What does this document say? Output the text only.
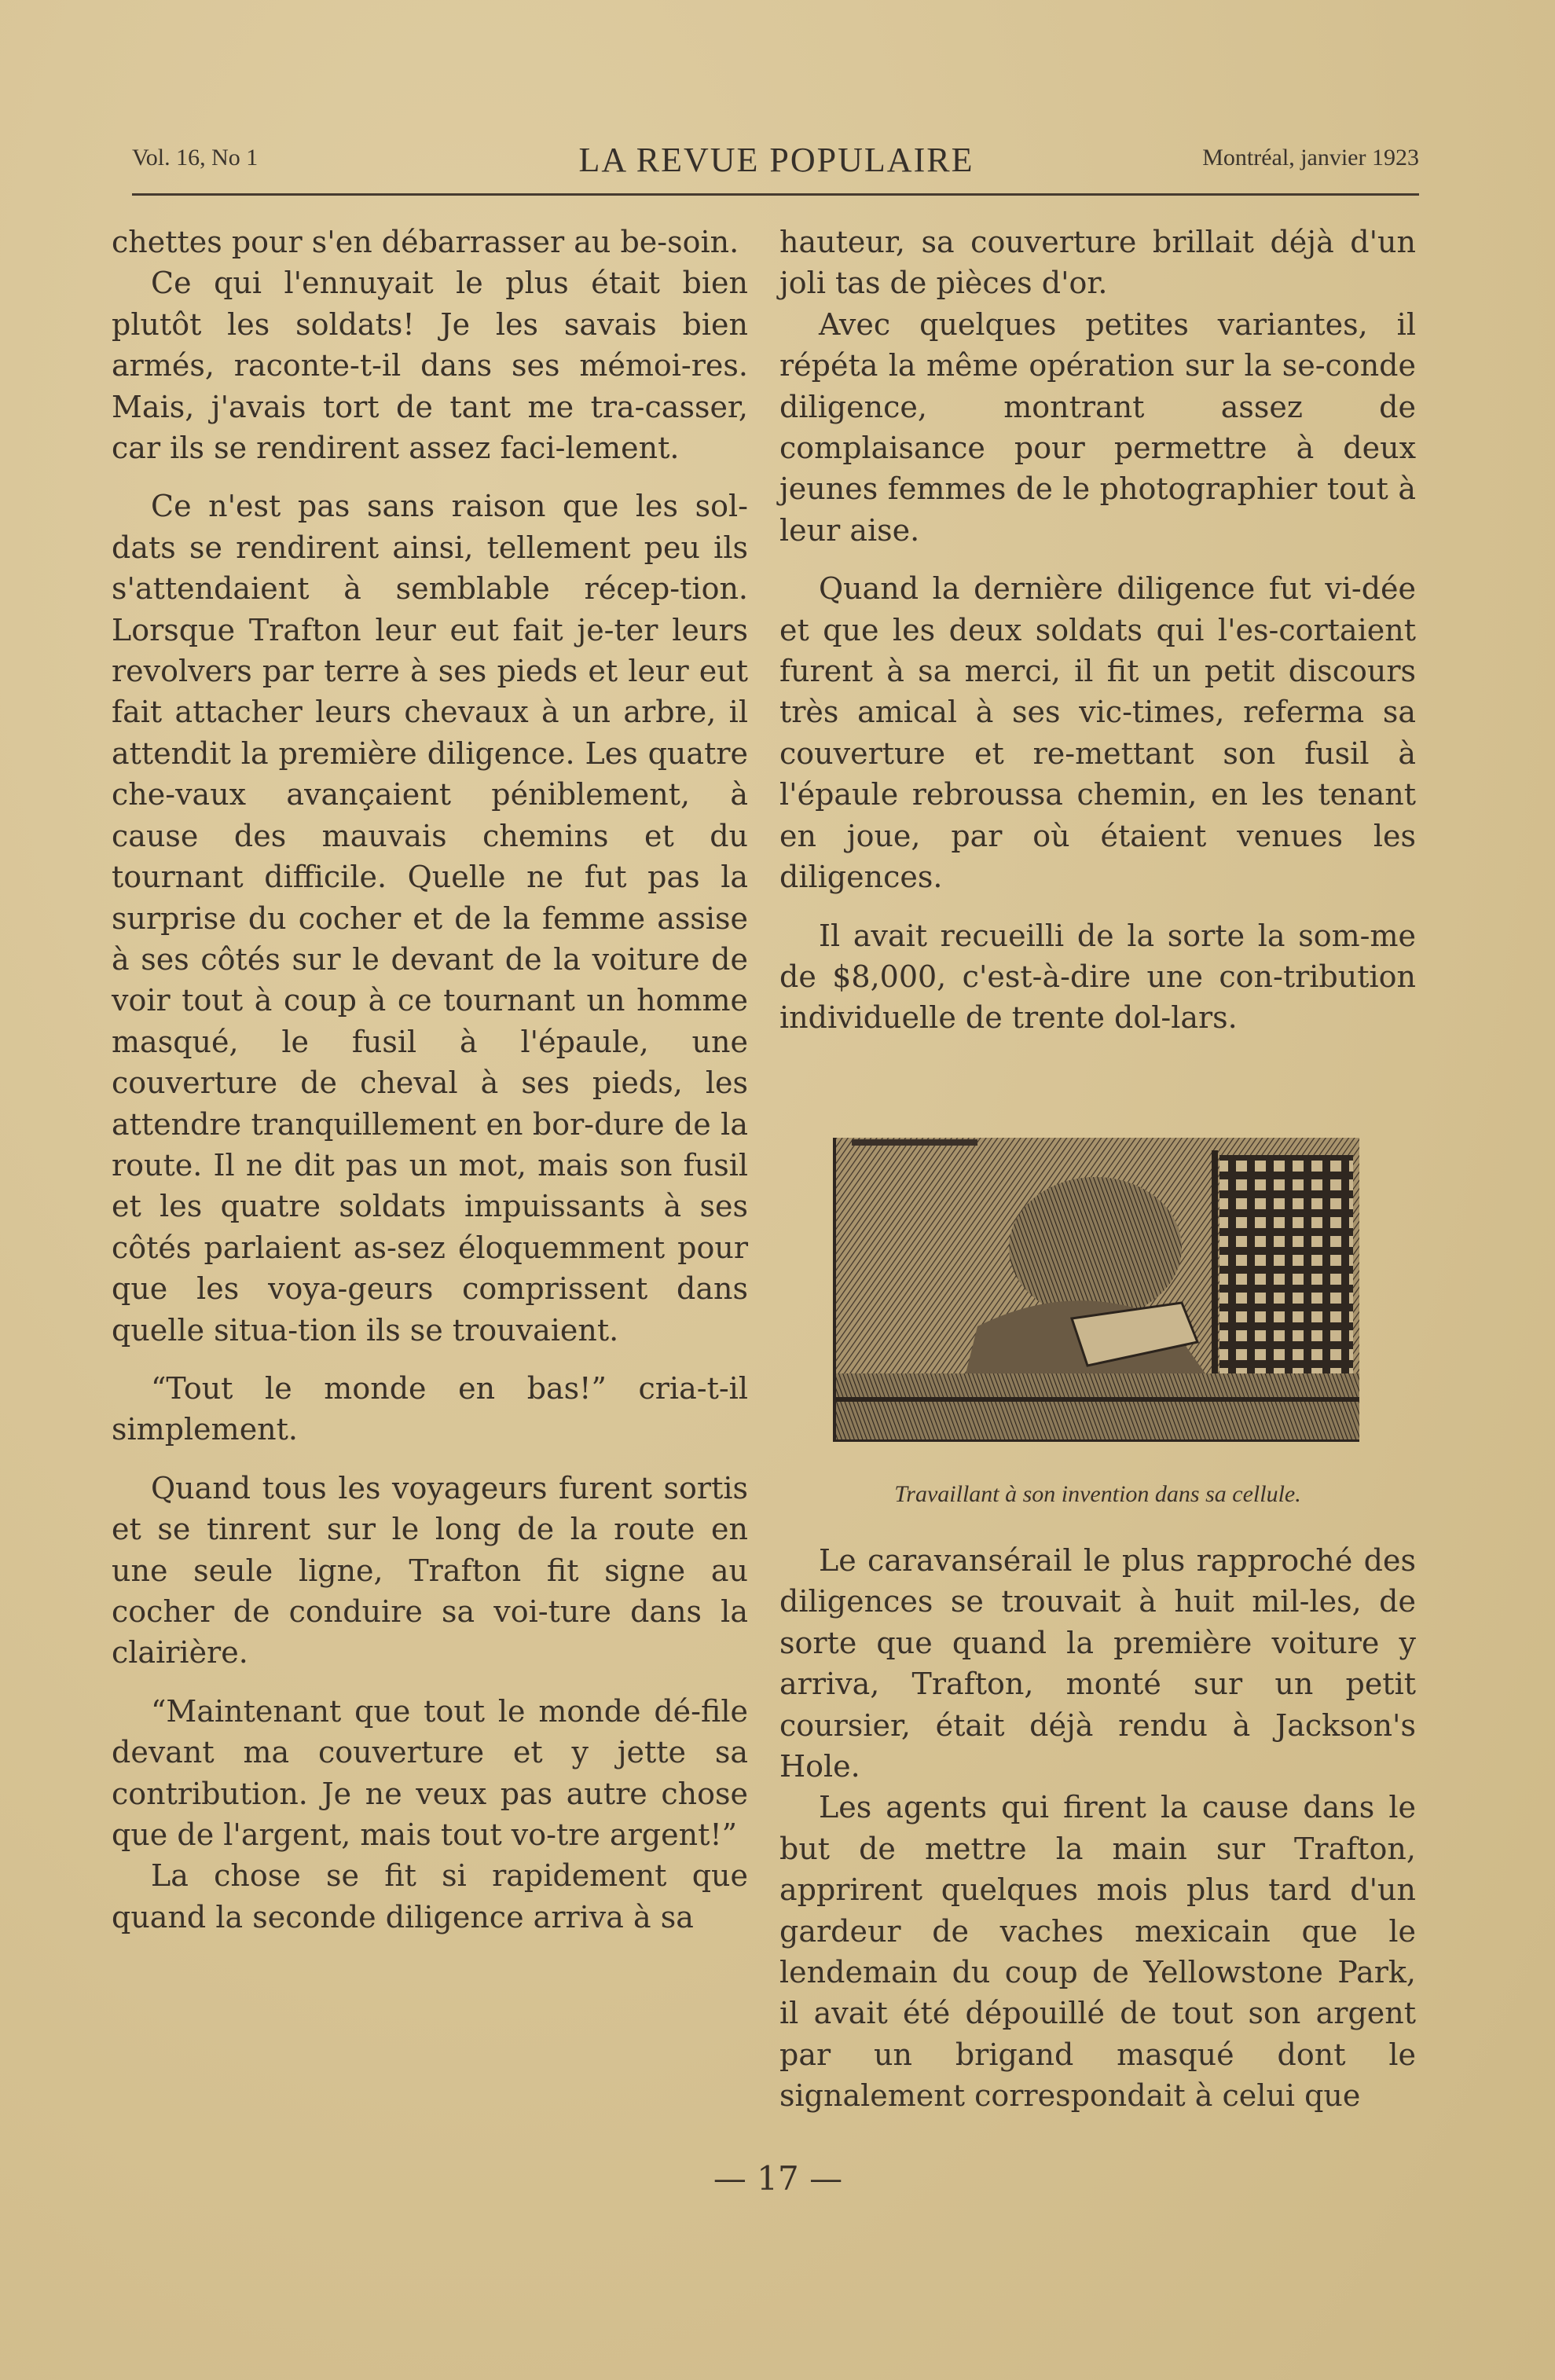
Vol. 16, No 1	LA REVUE POPULAIRE	Montréal, janvier 1923

chettes pour s'en débarrasser au be-soin.

Ce qui l'ennuyait le plus était bien plutôt les soldats! Je les savais bien armés, raconte-t-il dans ses mémoi-res. Mais, j'avais tort de tant me tra-casser, car ils se rendirent assez faci-lement.

Ce n'est pas sans raison que les sol-dats se rendirent ainsi, tellement peu ils s'attendaient à semblable récep-tion. Lorsque Trafton leur eut fait je-ter leurs revolvers par terre à ses pieds et leur eut fait attacher leurs chevaux à un arbre, il attendit la première diligence. Les quatre che-vaux avançaient péniblement, à cause des mauvais chemins et du tournant difficile. Quelle ne fut pas la surprise du cocher et de la femme assise à ses côtés sur le devant de la voiture de voir tout à coup à ce tournant un homme masqué, le fusil à l'épaule, une couverture de cheval à ses pieds, les attendre tranquillement en bor-dure de la route. Il ne dit pas un mot, mais son fusil et les quatre soldats impuissants à ses côtés parlaient as-sez éloquemment pour que les voya-geurs comprissent dans quelle situa-tion ils se trouvaient.

“Tout le monde en bas!” cria-t-il simplement.

Quand tous les voyageurs furent sortis et se tinrent sur le long de la route en une seule ligne, Trafton fit signe au cocher de conduire sa voi-ture dans la clairière.

“Maintenant que tout le monde dé-file devant ma couverture et y jette sa contribution. Je ne veux pas autre chose que de l'argent, mais tout vo-tre argent!”

La chose se fit si rapidement que quand la seconde diligence arriva à sa

hauteur, sa couverture brillait déjà d'un joli tas de pièces d'or.

Avec quelques petites variantes, il répéta la même opération sur la se-conde diligence, montrant assez de complaisance pour permettre à deux jeunes femmes de le photographier tout à leur aise.

Quand la dernière diligence fut vi-dée et que les deux soldats qui l'es-cortaient furent à sa merci, il fit un petit discours très amical à ses vic-times, referma sa couverture et re-mettant son fusil à l'épaule rebroussa chemin, en les tenant en joue, par où étaient venues les diligences.

Il avait recueilli de la sorte la som-me de $8,000, c'est-à-dire une con-tribution individuelle de trente dol-lars.

Travaillant à son invention dans sa cellule.

Le caravansérail le plus rapproché des diligences se trouvait à huit mil-les, de sorte que quand la première voiture y arriva, Trafton, monté sur un petit coursier, était déjà rendu à Jackson's Hole.

Les agents qui firent la cause dans le but de mettre la main sur Trafton, apprirent quelques mois plus tard d'un gardeur de vaches mexicain que le lendemain du coup de Yellowstone Park, il avait été dépouillé de tout son argent par un brigand masqué dont le signalement correspondait à celui que

— 17 —
